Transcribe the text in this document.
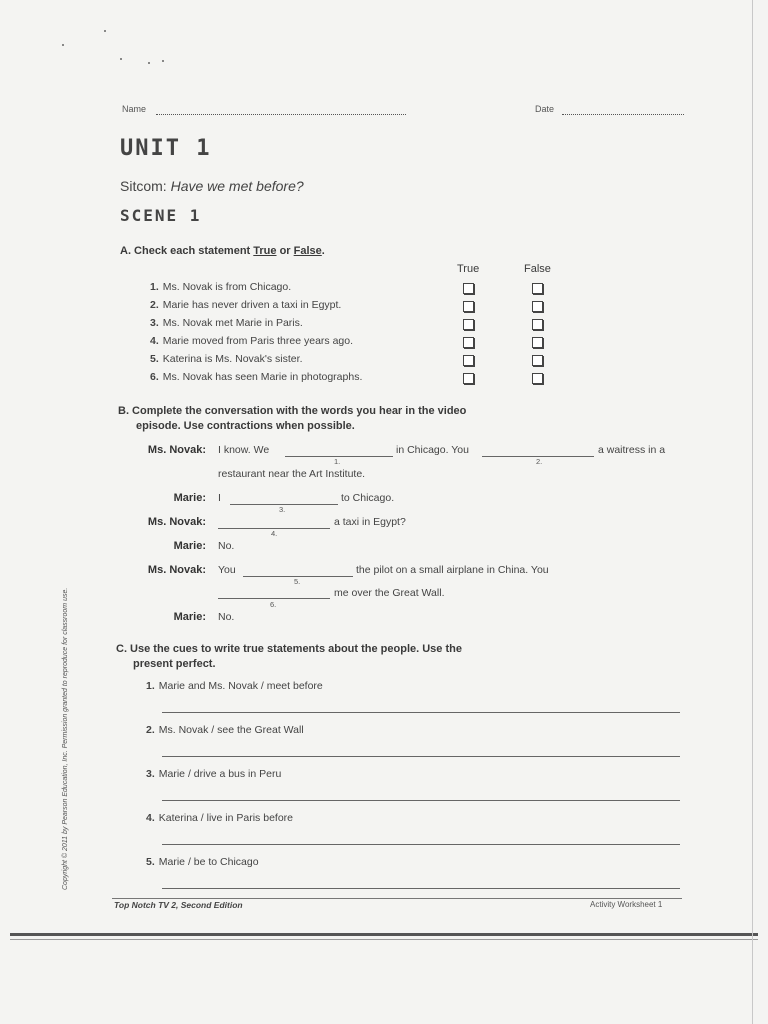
Name	Date
UNIT 1
Sitcom: Have we met before?
SCENE 1
A. Check each statement True or False.
True	False
1. Ms. Novak is from Chicago.
2. Marie has never driven a taxi in Egypt.
3. Ms. Novak met Marie in Paris.
4. Marie moved from Paris three years ago.
5. Katerina is Ms. Novak's sister.
6. Ms. Novak has seen Marie in photographs.
B. Complete the conversation with the words you hear in the video
episode. Use contractions when possible.
Ms. Novak: I know. We
1.
in Chicago. You
2.
a waitress in a
restaurant near the Art Institute.
Marie: I
3.
to Chicago.
Ms. Novak:
4.
a taxi in Egypt?
Marie: No.
Ms. Novak: You
5.
the pilot on a small airplane in China. You
6.
me over the Great Wall.
Marie: No.
C. Use the cues to write true statements about the people. Use the
present perfect.
1. Marie and Ms. Novak / meet before
2. Ms. Novak / see the Great Wall
3. Marie / drive a bus in Peru
4. Katerina / live in Paris before
5. Marie / be to Chicago
Copyright © 2011 by Pearson Education, Inc. Permission granted to reproduce for classroom use.
Top Notch TV 2, Second Edition	Activity Worksheet 1
